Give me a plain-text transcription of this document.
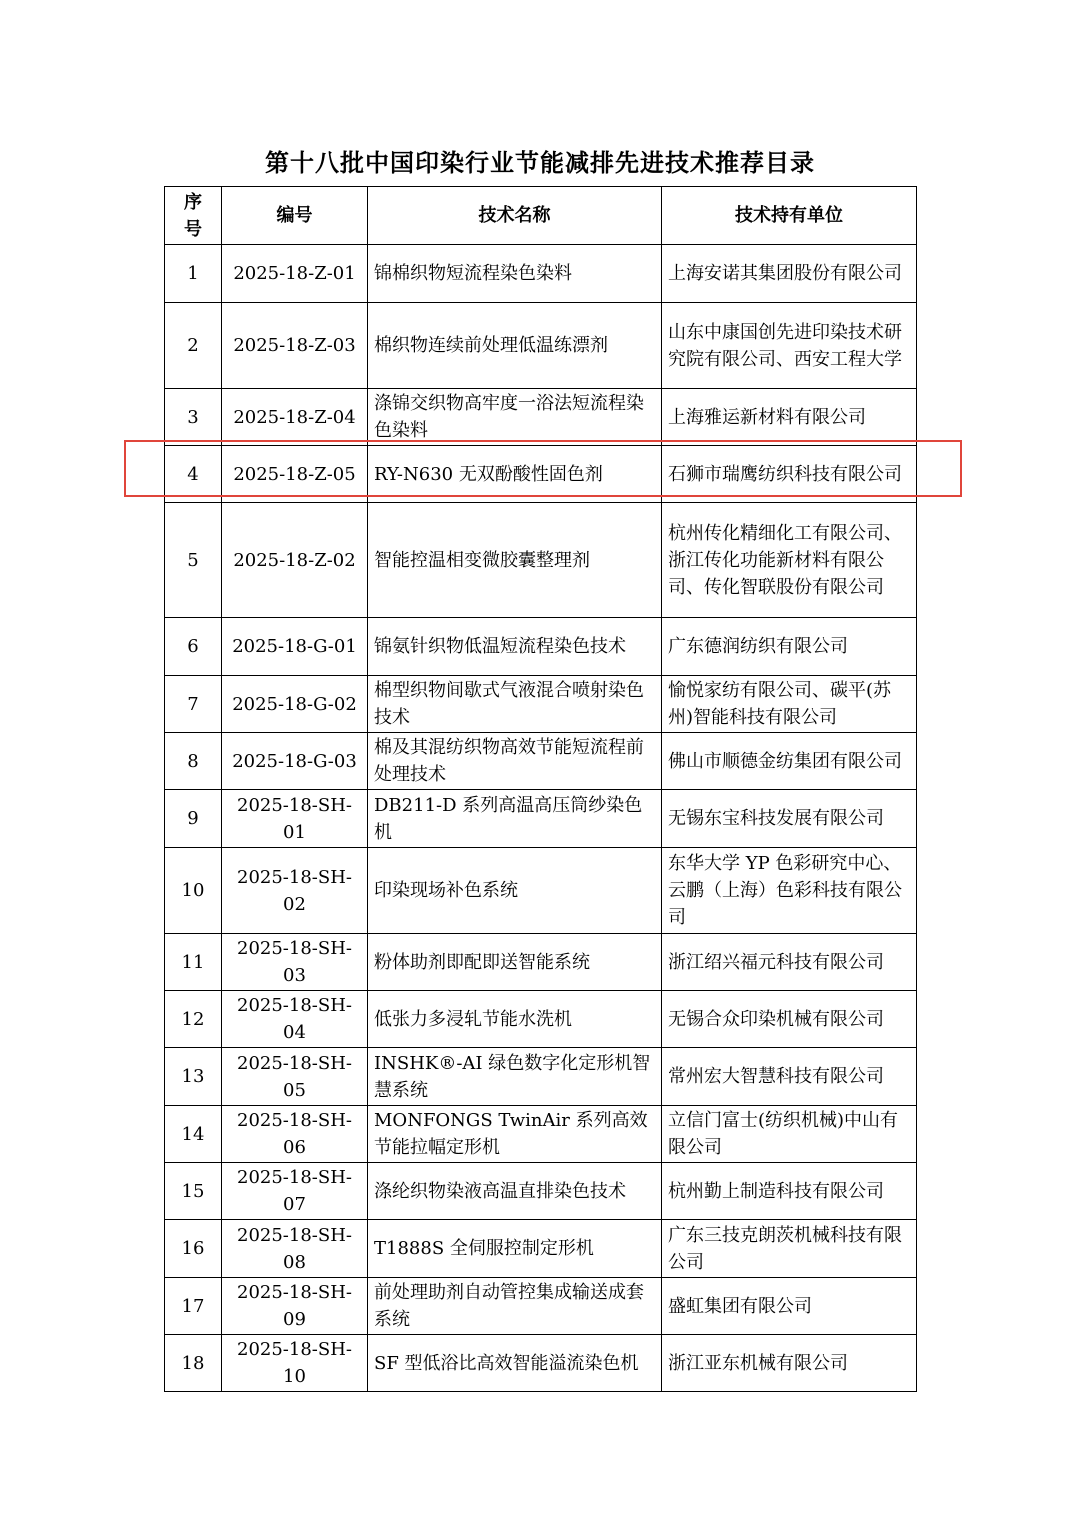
第十八批中国印染行业节能减排先进技术推荐目录
序
号	编号	技术名称	技术持有单位
1	2025-18-Z-01	锦棉织物短流程染色染料	上海安诺其集团股份有限公司
2	2025-18-Z-03	棉织物连续前处理低温练漂剂	山东中康国创先进印染技术研究院有限公司、西安工程大学
3	2025-18-Z-04	涤锦交织物高牢度一浴法短流程染色染料	上海雅运新材料有限公司
4	2025-18-Z-05	RY-N630 无双酚酸性固色剂	石狮市瑞鹰纺织科技有限公司
5	2025-18-Z-02	智能控温相变微胶囊整理剂	杭州传化精细化工有限公司、浙江传化功能新材料有限公司、传化智联股份有限公司
6	2025-18-G-01	锦氨针织物低温短流程染色技术	广东德润纺织有限公司
7	2025-18-G-02	棉型织物间歇式气液混合喷射染色技术	愉悦家纺有限公司、碳平(苏州)智能科技有限公司
8	2025-18-G-03	棉及其混纺织物高效节能短流程前处理技术	佛山市顺德金纺集团有限公司
9	2025-18-SH-01	DB211-D 系列高温高压筒纱染色机	无锡东宝科技发展有限公司
10	2025-18-SH-02	印染现场补色系统	东华大学 YP 色彩研究中心、 云鹏（上海）色彩科技有限公司
11	2025-18-SH-03	粉体助剂即配即送智能系统	浙江绍兴福元科技有限公司
12	2025-18-SH-04	低张力多浸轧节能水洗机	无锡合众印染机械有限公司
13	2025-18-SH-05	INSHK®-AI 绿色数字化定形机智慧系统	常州宏大智慧科技有限公司
14	2025-18-SH-06	MONFONGS TwinAir 系列高效节能拉幅定形机	立信门富士(纺织机械)中山有限公司
15	2025-18-SH-07	涤纶织物染液高温直排染色技术	杭州勤上制造科技有限公司
16	2025-18-SH-08	T1888S 全伺服控制定形机	广东三技克朗茨机械科技有限公司
17	2025-18-SH-09	前处理助剂自动管控集成输送成套系统	盛虹集团有限公司
18	2025-18-SH-10	SF 型低浴比高效智能溢流染色机	浙江亚东机械有限公司
